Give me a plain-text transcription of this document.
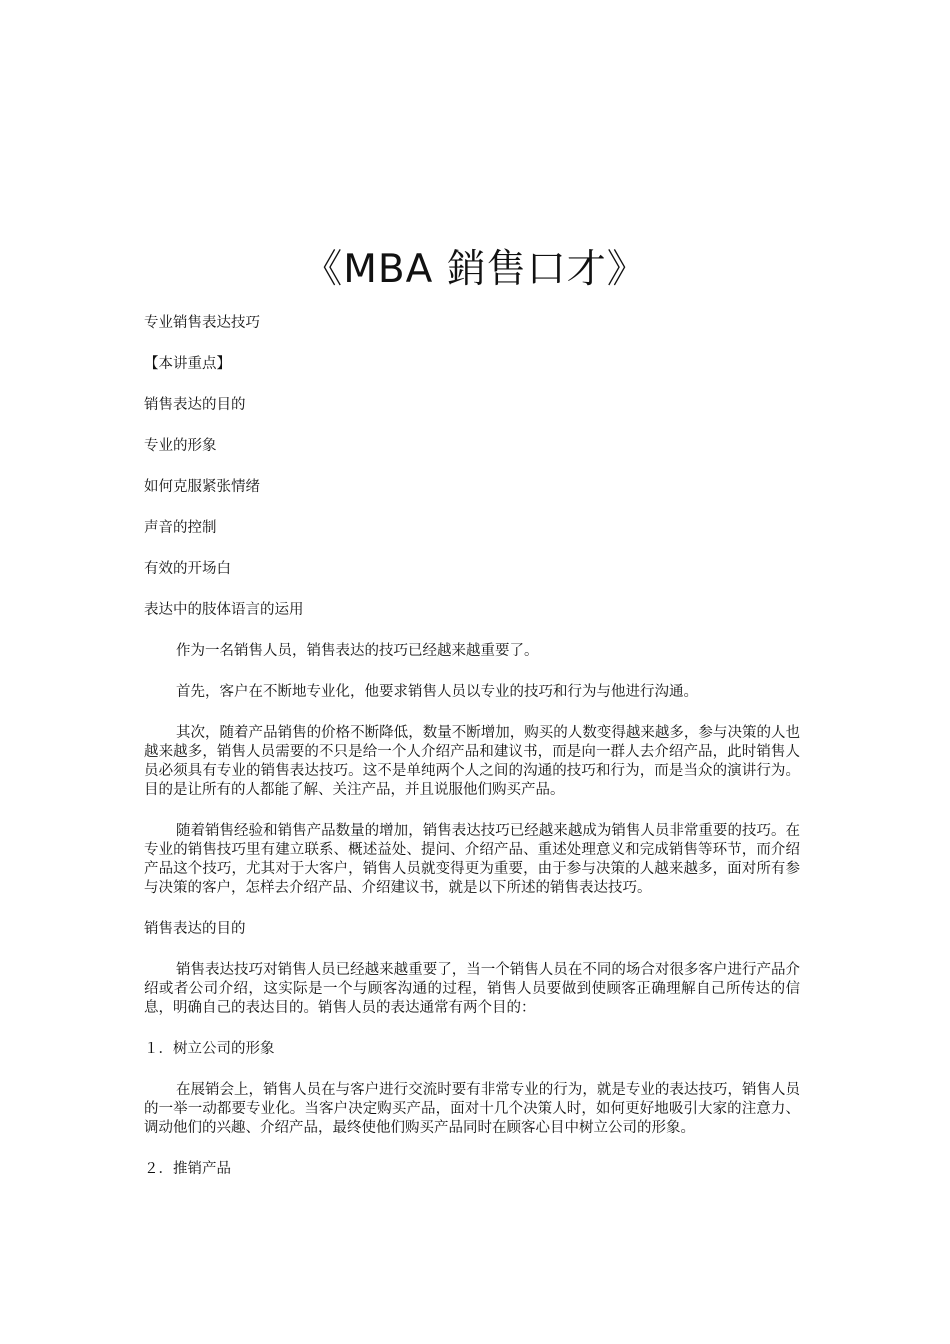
《MBA 銷售口才》

专业销售表达技巧

【本讲重点】

销售表达的目的

专业的形象

如何克服紧张情绪

声音的控制

有效的开场白

表达中的肢体语言的运用

作为一名销售人员，销售表达的技巧已经越来越重要了。

首先，客户在不断地专业化，他要求销售人员以专业的技巧和行为与他进行沟通。

其次，随着产品销售的价格不断降低，数量不断增加，购买的人数变得越来越多，参与决策的人也越来越多，销售人员需要的不只是给一个人介绍产品和建议书，而是向一群人去介绍产品，此时销售人员必须具有专业的销售表达技巧。这不是单纯两个人之间的沟通的技巧和行为，而是当众的演讲行为。目的是让所有的人都能了解、关注产品，并且说服他们购买产品。

随着销售经验和销售产品数量的增加，销售表达技巧已经越来越成为销售人员非常重要的技巧。在专业的销售技巧里有建立联系、概述益处、提问、介绍产品、重述处理意义和完成销售等环节，而介绍产品这个技巧，尤其对于大客户，销售人员就变得更为重要，由于参与决策的人越来越多，面对所有参与决策的客户，怎样去介绍产品、介绍建议书，就是以下所述的销售表达技巧。

销售表达的目的

销售表达技巧对销售人员已经越来越重要了，当一个销售人员在不同的场合对很多客户进行产品介绍或者公司介绍，这实际是一个与顾客沟通的过程，销售人员要做到使顾客正确理解自己所传达的信息，明确自己的表达目的。销售人员的表达通常有两个目的：

１．树立公司的形象

在展销会上，销售人员在与客户进行交流时要有非常专业的行为，就是专业的表达技巧，销售人员的一举一动都要专业化。当客户决定购买产品，面对十几个决策人时，如何更好地吸引大家的注意力、调动他们的兴趣、介绍产品，最终使他们购买产品同时在顾客心目中树立公司的形象。

２．推销产品
